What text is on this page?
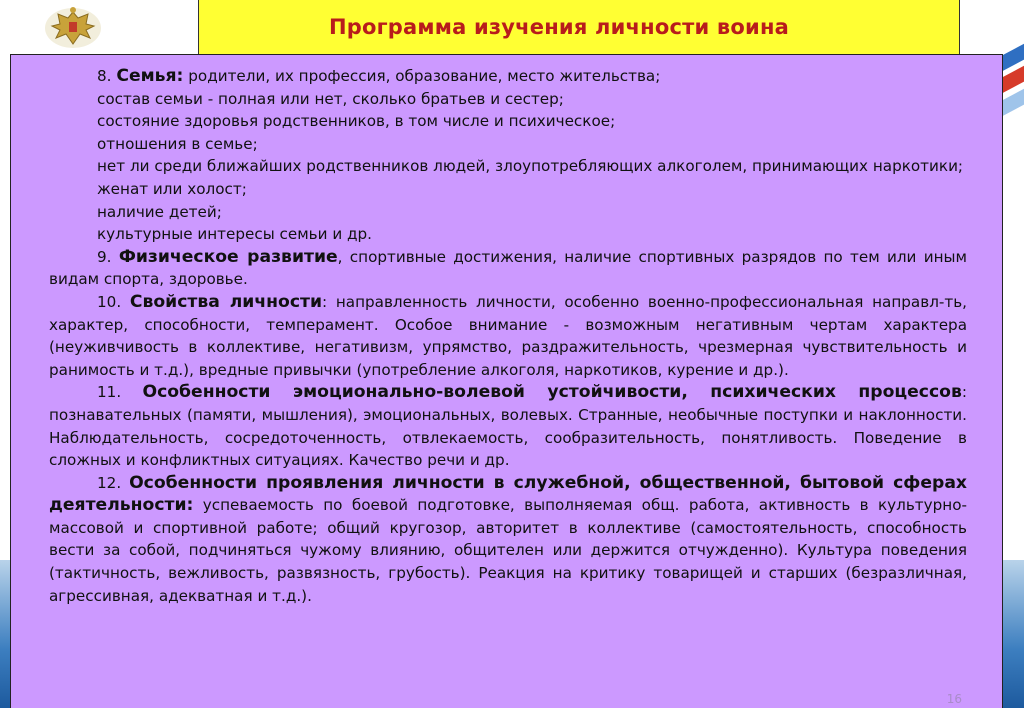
Программа изучения личности воина

8. Семья: родители, их профессия, образование, место жительства;

состав семьи - полная или нет, сколько братьев и сестер;

состояние здоровья родственников, в том числе и психическое;

отношения в семье;

нет ли среди ближайших родственников людей, злоупотребляющих алкоголем, принимающих наркотики;

женат или холост;

наличие детей;

культурные интересы семьи и др.

9. Физическое развитие, спортивные достижения, наличие спортивных разрядов по тем или иным видам спорта, здоровье.

10. Свойства личности: направленность личности, особенно военно-профессиональная направл-ть, характер, способности, темперамент. Особое внимание - возможным негативным чертам характера (неуживчивость в коллективе, негативизм, упрямство, раздражительность, чрезмерная чувствительность и ранимость и т.д.), вредные привычки (употребление алкоголя, наркотиков, курение и др.).

11. Особенности эмоционально-волевой устойчивости, психических процессов: познавательных (памяти, мышления), эмоциональных, волевых. Странные, необычные поступки и наклонности. Наблюдательность, сосредоточенность, отвлекаемость, сообразительность, понятливость. Поведение в сложных и конфликтных ситуациях. Качество речи и др.

12. Особенности проявления личности в служебной, общественной, бытовой сферах деятельности: успеваемость по боевой подготовке, выполняемая общ. работа, активность в культурно-массовой и спортивной работе; общий кругозор, авторитет в коллективе (самостоятельность, способность вести за собой, подчиняться чужому влиянию, общителен или держится отчужденно). Культура поведения (тактичность, вежливость, развязность, грубость). Реакция на критику товарищей и старших (безразличная, агрессивная, адекватная и т.д.).

16
